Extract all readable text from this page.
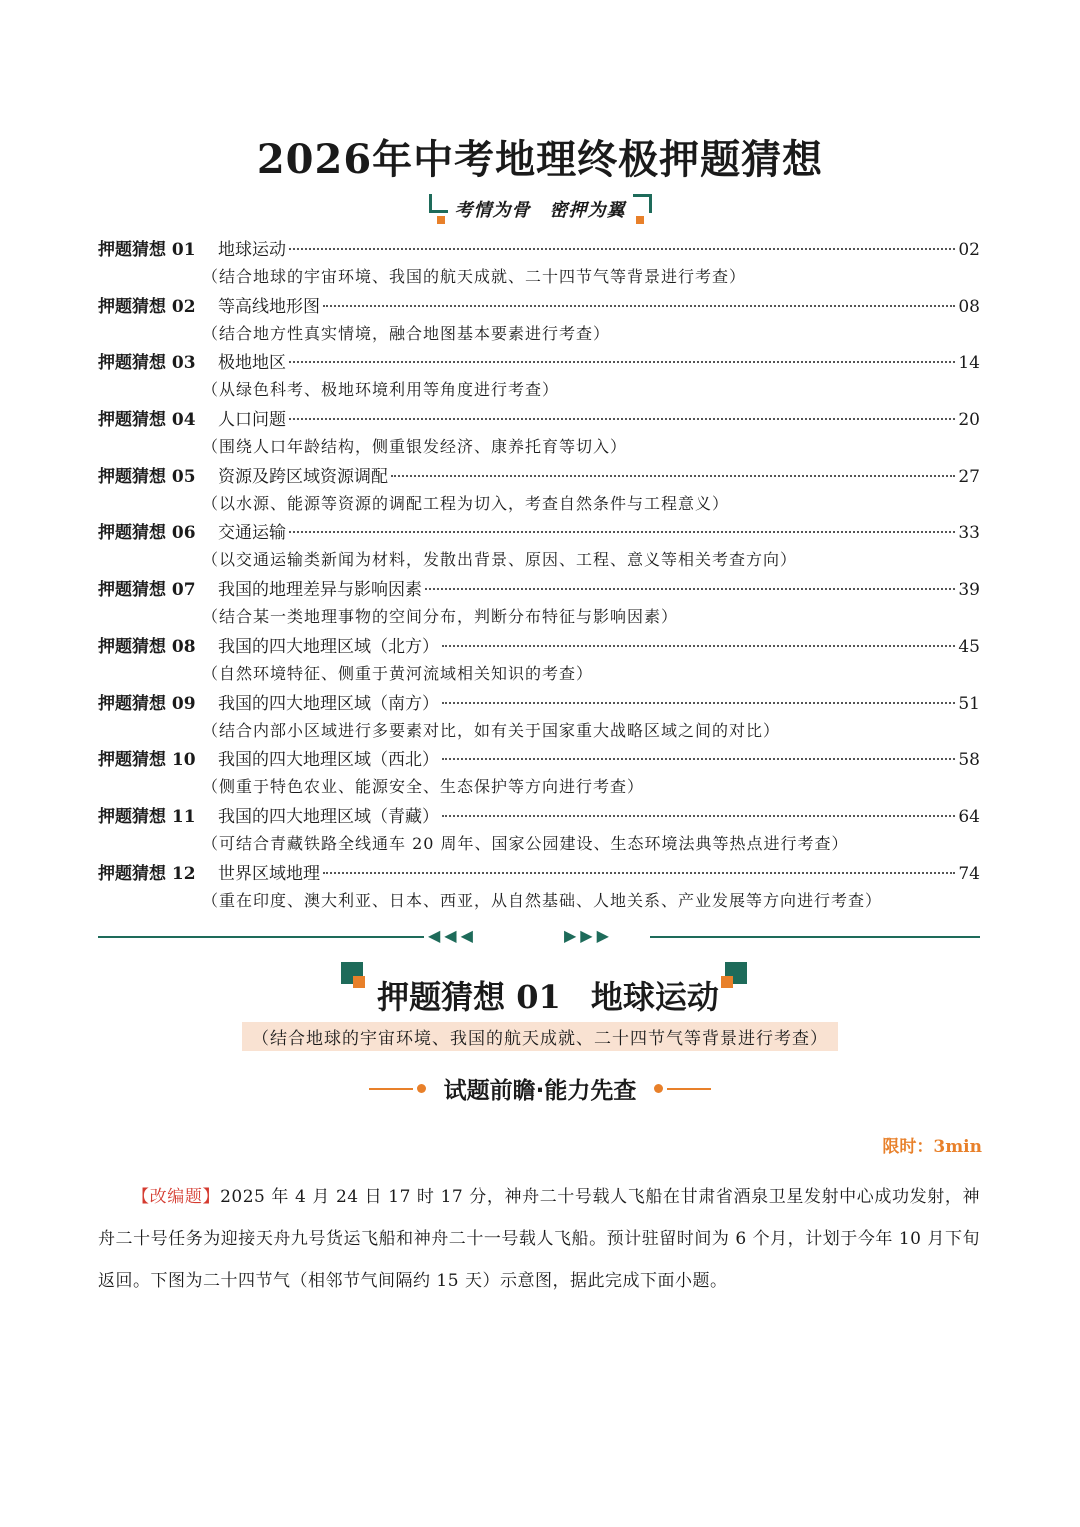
2026年中考地理终极押题猜想
考情为骨　密押为翼
押题猜想 01	地球运动	02
（结合地球的宇宙环境、我国的航天成就、二十四节气等背景进行考查）
押题猜想 02	等高线地形图	08
（结合地方性真实情境，融合地图基本要素进行考查）
押题猜想 03	极地地区	14
（从绿色科考、极地环境利用等角度进行考查）
押题猜想 04	人口问题	20
（围绕人口年龄结构，侧重银发经济、康养托育等切入）
押题猜想 05	资源及跨区域资源调配	27
（以水源、能源等资源的调配工程为切入，考查自然条件与工程意义）
押题猜想 06	交通运输	33
（以交通运输类新闻为材料，发散出背景、原因、工程、意义等相关考查方向）
押题猜想 07	我国的地理差异与影响因素	39
（结合某一类地理事物的空间分布，判断分布特征与影响因素）
押题猜想 08	我国的四大地理区域（北方）	45
（自然环境特征、侧重于黄河流域相关知识的考查）
押题猜想 09	我国的四大地理区域（南方）	51
（结合内部小区域进行多要素对比，如有关于国家重大战略区域之间的对比）
押题猜想 10	我国的四大地理区域（西北）	58
（侧重于特色农业、能源安全、生态保护等方向进行考查）
押题猜想 11	我国的四大地理区域（青藏）	64
（可结合青藏铁路全线通车 20 周年、国家公园建设、生态环境法典等热点进行考查）
押题猜想 12	世界区域地理	74
（重在印度、澳大利亚、日本、西亚，从自然基础、人地关系、产业发展等方向进行考查）
◀◀◀	▶▶▶
押题猜想 01 地球运动
（结合地球的宇宙环境、我国的航天成就、二十四节气等背景进行考查）
试题前瞻·能力先查
限时：3min

【改编题】2025 年 4 月 24 日 17 时 17 分，神舟二十号载人飞船在甘肃省酒泉卫星发射中心成功发射，神舟二十号任务为迎接天舟九号货运飞船和神舟二十一号载人飞船。预计驻留时间为 6 个月，计划于今年 10 月下旬返回。下图为二十四节气（相邻节气间隔约 15 天）示意图，据此完成下面小题。
